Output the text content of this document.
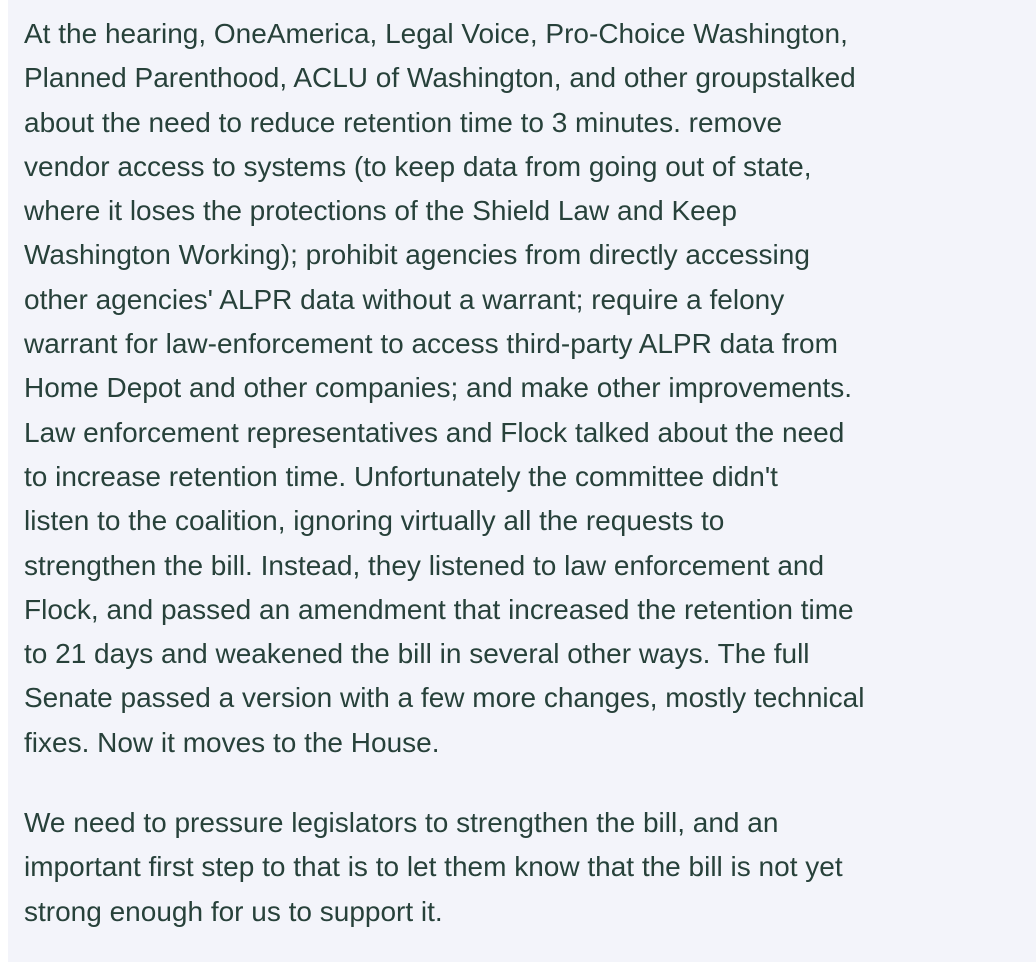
At the hearing, OneAmerica, Legal Voice, Pro-Choice Washington,
Planned Parenthood, ACLU of Washington, and other groupstalked
about the need to reduce retention time to 3 minutes. remove
vendor access to systems (to keep data from going out of state,
where it loses the protections of the Shield Law and Keep
Washington Working); prohibit agencies from directly accessing
other agencies' ALPR data without a warrant; require a felony
warrant for law-enforcement to access third-party ALPR data from
Home Depot and other companies; and make other improvements.
Law enforcement representatives and Flock talked about the need
to increase retention time. Unfortunately the committee didn't
listen to the coalition, ignoring virtually all the requests to
strengthen the bill. Instead, they listened to law enforcement and
Flock, and passed an amendment that increased the retention time
to 21 days and weakened the bill in several other ways. The full
Senate passed a version with a few more changes, mostly technical
fixes. Now it moves to the House.

We need to pressure legislators to strengthen the bill, and an
important first step to that is to let them know that the bill is not yet
strong enough for us to support it.
